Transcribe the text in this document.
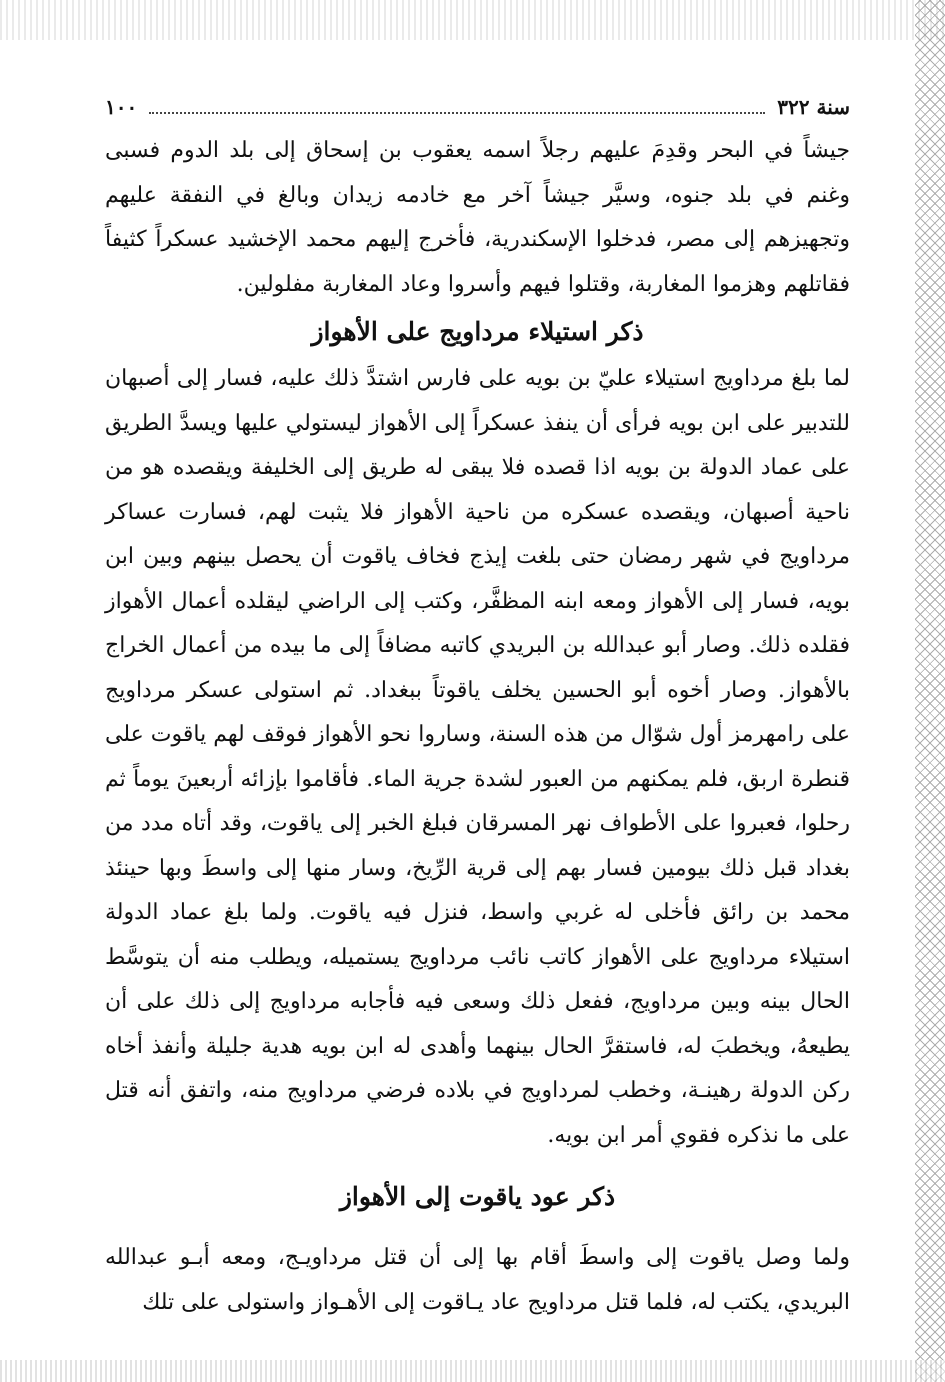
سنة ٣٢٢
١٠٠

جيشاً في البحر وقدِمَ عليهم رجلاً اسمه يعقوب بن إسحاق إلى بلد الدوم فسبى وغنم في بلد جنوه، وسيَّر جيشاً آخر مع خادمه زيدان وبالغ في النفقة عليهم وتجهيزهم إلى مصر، فدخلوا الإسكندرية، فأخرج إليهم محمد الإخشيد عسكراً كثيفاً فقاتلهم وهزموا المغاربة، وقتلوا فيهم وأسروا وعاد المغاربة مفلولين.

ذكر استيلاء مرداويج على الأهواز

لما بلغ مرداويج استيلاء عليّ بن بويه على فارس اشتدَّ ذلك عليه، فسار إلى أصبهان للتدبير على ابن بويه فرأى أن ينفذ عسكراً إلى الأهواز ليستولي عليها ويسدَّ الطريق على عماد الدولة بن بويه اذا قصده فلا يبقى له طريق إلى الخليفة ويقصده هو من ناحية أصبهان، ويقصده عسكره من ناحية الأهواز فلا يثبت لهم، فسارت عساكر مرداويج في شهر رمضان حتى بلغت إيذج فخاف ياقوت أن يحصل بينهم وبين ابن بويه، فسار إلى الأهواز ومعه ابنه المظفَّر، وكتب إلى الراضي ليقلده أعمال الأهواز فقلده ذلك. وصار أبو عبدالله بن البريدي كاتبه مضافاً إلى ما بيده من أعمال الخراج بالأهواز. وصار أخوه أبو الحسين يخلف ياقوتاً ببغداد. ثم استولى عسكر مرداويج على رامهرمز أول شوّال من هذه السنة، وساروا نحو الأهواز فوقف لهم ياقوت على قنطرة اربق، فلم يمكنهم من العبور لشدة جرية الماء. فأقاموا بإزائه أربعينَ يوماً ثم رحلوا، فعبروا على الأطواف نهر المسرقان فبلغ الخبر إلى ياقوت، وقد أتاه مدد من بغداد قبل ذلك بيومين فسار بهم إلى قرية الرِّيخ، وسار منها إلى واسطَ وبها حينئذ محمد بن رائق فأخلى له غربي واسط، فنزل فيه ياقوت. ولما بلغ عماد الدولة استيلاء مرداويج على الأهواز كاتب نائب مرداويج يستميله، ويطلب منه أن يتوسَّط الحال بينه وبين مرداويج، ففعل ذلك وسعى فيه فأجابه مرداويج إلى ذلك على أن يطيعهُ، ويخطبَ له، فاستقرَّ الحال بينهما وأهدى له ابن بويه هدية جليلة وأنفذ أخاه ركن الدولة رهينـة، وخطب لمرداويج في بلاده فرضي مرداويج منه، واتفق أنه قتل على ما نذكره فقوي أمر ابن بويه.

ذكر عود ياقوت إلى الأهواز

ولما وصل ياقوت إلى واسطَ أقام بها إلى أن قتل مرداويـج، ومعه أبـو عبدالله البريدي، يكتب له، فلما قتل مرداويج عاد يـاقوت إلى الأهـواز واستولى على تلك
